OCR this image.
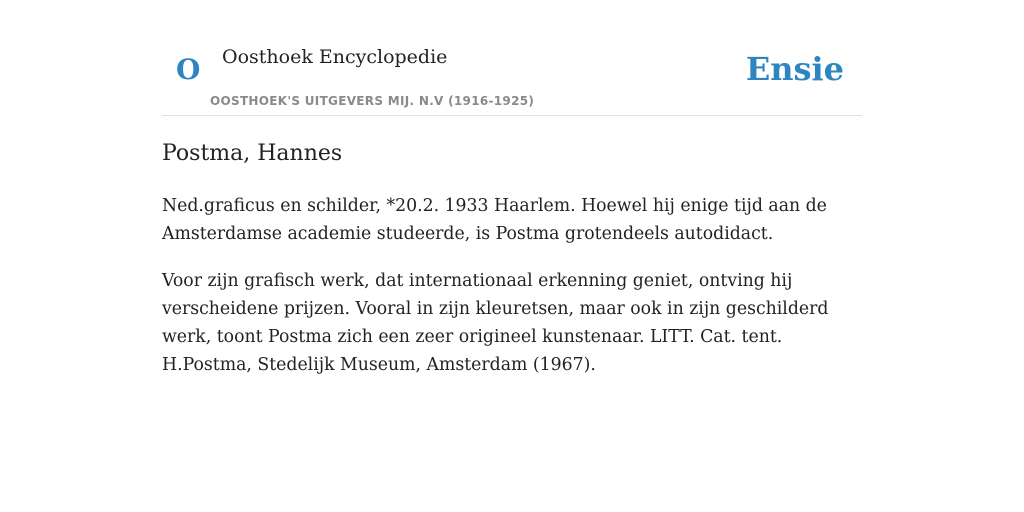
O Oosthoek Encyclopedie
OOSTHOEK'S UITGEVERS MIJ. N.V (1916-1925)
Ensie
Postma, Hannes

Ned.graficus en schilder, *20.2. 1933 Haarlem. Hoewel hij enige tijd aan de Amsterdamse academie studeerde, is Postma grotendeels autodidact.

Voor zijn grafisch werk, dat internationaal erkenning geniet, ontving hij verscheidene prijzen. Vooral in zijn kleuretsen, maar ook in zijn geschilderd werk, toont Postma zich een zeer origineel kunstenaar. LITT. Cat. tent. H.Postma, Stedelijk Museum, Amsterdam (1967).
